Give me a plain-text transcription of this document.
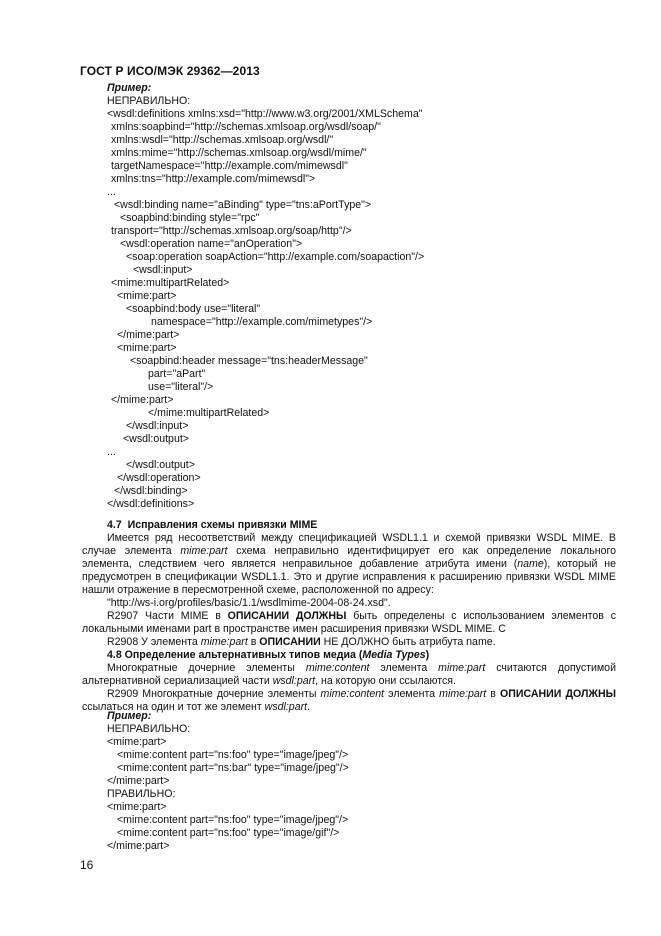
ГОСТ Р ИСО/МЭК 29362—2013
Пример:
НЕПРАВИЛЬНО:
<wsdl:definitions xmlns:xsd="http://www.w3.org/2001/XMLSchema"
xmlns:soapbind="http://schemas.xmlsoap.org/wsdl/soap/"
xmlns:wsdl="http://schemas.xmlsoap.org/wsdl/"
xmlns:mime="http://schemas.xmlsoap.org/wsdl/mime/"
targetNamespace="http://example.com/mimewsdl"
xmlns:tns="http://example.com/mimewsdl">
...
<wsdl:binding name="aBinding" type="tns:aPortType">
<soapbind:binding style="rpc"
transport="http://schemas.xmlsoap.org/soap/http"/>
<wsdl:operation name="anOperation">
<soap:operation soapAction="http://example.com/soapaction"/>
<wsdl:input>
<mime:multipartRelated>
<mime:part>
<soapbind:body use="literal"
namespace="http://example.com/mimetypes"/>
</mime:part>
<mime:part>
<soapbind:header message="tns:headerMessage"
part="aPart"
use="literal"/>
</mime:part>
</mime:multipartRelated>
</wsdl:input>
<wsdl:output>
...
</wsdl:output>
</wsdl:operation>
</wsdl:binding>
</wsdl:definitions>
4.7  Исправления схемы привязки MIME
Имеется ряд несоответствий между спецификацией WSDL1.1 и схемой привязки WSDL MIME. В случае элемента mime:part схема неправильно идентифицирует его как определение локального элемента, следствием чего является неправильное добавление атрибута имени (name), который не предусмотрен в спецификации WSDL1.1. Это и другие исправления к расширению привязки WSDL MIME нашли отражение в пересмотренной схеме, расположенной по адресу:
"http://ws-i.org/profiles/basic/1.1/wsdlmime-2004-08-24.xsd".
R2907 Части MIME в ОПИСАНИИ ДОЛЖНЫ быть определены с использованием элементов с локальными именами part в пространстве имен расширения привязки WSDL MIME. C
R2908 У элемента mime:part в ОПИСАНИИ НЕ ДОЛЖНО быть атрибута name.
4.8 Определение альтернативных типов медиа (Media Types)
Многократные дочерние элементы mime:content элемента mime:part считаются допустимой альтернативной сериализацией части wsdl:part, на которую они ссылаются.
R2909 Многократные дочерние элементы mime:content элемента mime:part в ОПИСАНИИ ДОЛЖНЫ ссылаться на один и тот же элемент wsdl:part.
Пример:
НЕПРАВИЛЬНО:
<mime:part>
<mime:content part="ns:foo" type="image/jpeg"/>
<mime:content part="ns:bar" type="image/jpeg"/>
</mime:part>
ПРАВИЛЬНО:
<mime:part>
<mime:content part="ns:foo" type="image/jpeg"/>
<mime:content part="ns:foo" type="image/gif"/>
</mime:part>
16
